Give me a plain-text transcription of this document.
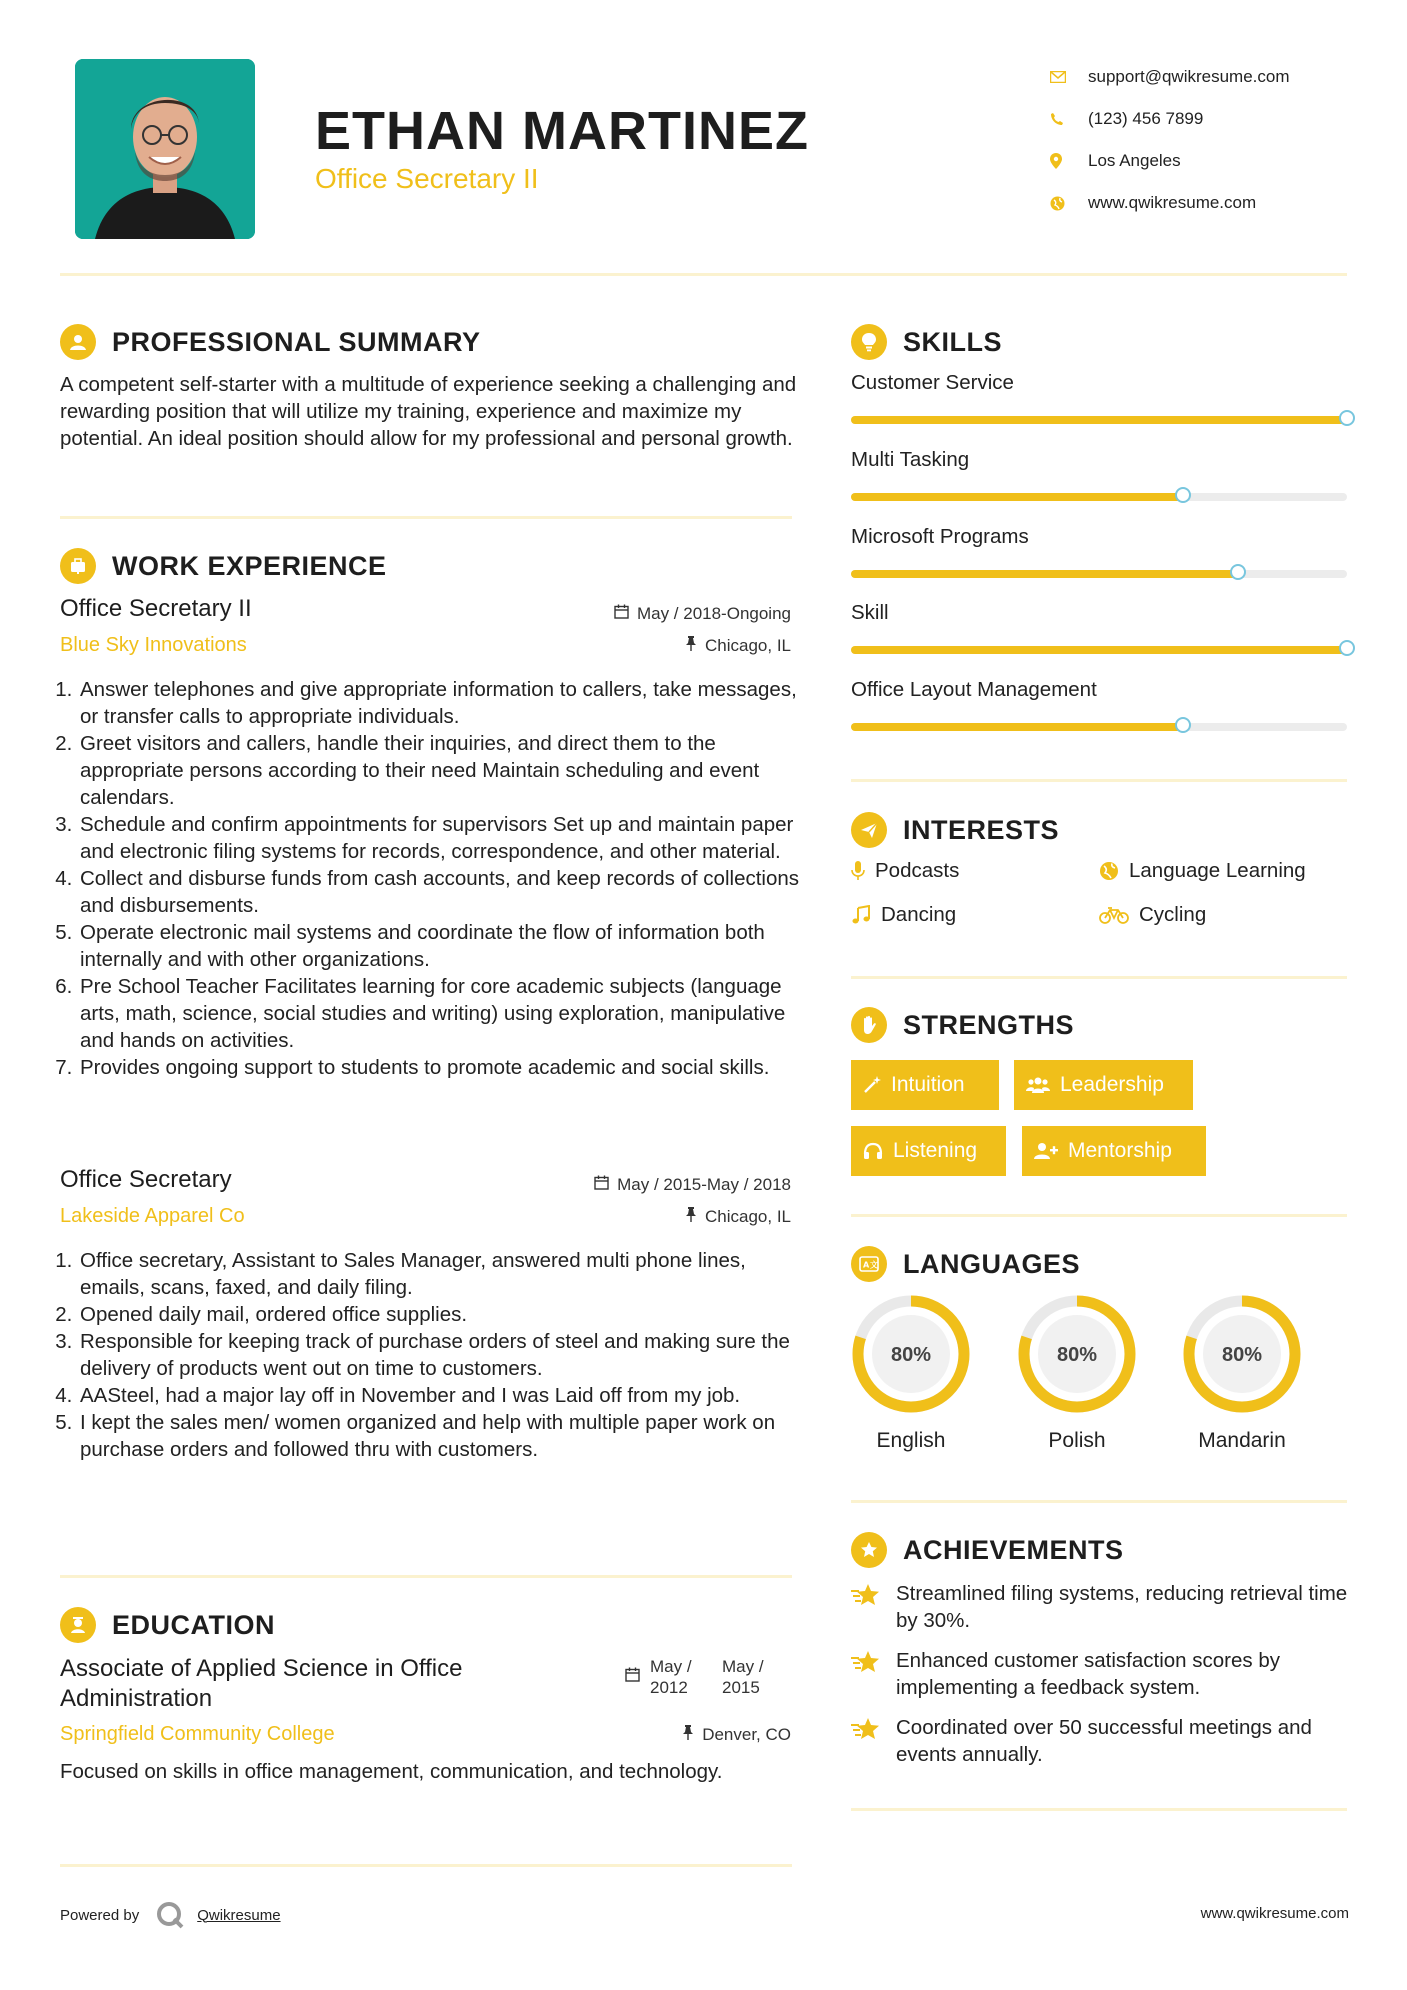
ETHAN MARTINEZ
Office Secretary II
support@qwikresume.com
(123) 456 7899
Los Angeles
www.qwikresume.com
PROFESSIONAL SUMMARY
A competent self-starter with a multitude of experience seeking a challenging and rewarding position that will utilize my training, experience and maximize my potential. An ideal position should allow for my professional and personal growth.
WORK EXPERIENCE
Office Secretary II
Blue Sky Innovations
May / 2018-Ongoing
Chicago, IL
1. Answer telephones and give appropriate information to callers, take messages, or transfer calls to appropriate individuals.
2. Greet visitors and callers, handle their inquiries, and direct them to the appropriate persons according to their need Maintain scheduling and event calendars.
3. Schedule and confirm appointments for supervisors Set up and maintain paper and electronic filing systems for records, correspondence, and other material.
4. Collect and disburse funds from cash accounts, and keep records of collections and disbursements.
5. Operate electronic mail systems and coordinate the flow of information both internally and with other organizations.
6. Pre School Teacher Facilitates learning for core academic subjects (language arts, math, science, social studies and writing) using exploration, manipulative and hands on activities.
7. Provides ongoing support to students to promote academic and social skills.
Office Secretary
Lakeside Apparel Co
May / 2015-May / 2018
Chicago, IL
1. Office secretary, Assistant to Sales Manager, answered multi phone lines, emails, scans, faxed, and daily filing.
2. Opened daily mail, ordered office supplies.
3. Responsible for keeping track of purchase orders of steel and making sure the delivery of products went out on time to customers.
4. AASteel, had a major lay off in November and I was Laid off from my job.
5. I kept the sales men/ women organized and help with multiple paper work on purchase orders and followed thru with customers.
EDUCATION
Associate of Applied Science in Office
Administration
May /
2012
May /
2015
Springfield Community College	Denver, CO
Focused on skills in office management, communication, and technology.
SKILLS
Customer Service
Multi Tasking
Microsoft Programs
Skill
Office Layout Management
INTERESTS
Podcasts	Language Learning
Dancing	Cycling
STRENGTHS
Intuition	Leadership
Listening	Mentorship
A 文 LANGUAGES
80%	80%	80%
English	Polish	Mandarin
ACHIEVEMENTS
Streamlined filing systems, reducing retrieval time by 30%.
Enhanced customer satisfaction scores by implementing a feedback system.
Coordinated over 50 successful meetings and events annually.
Powered by	Qwikresume	www.qwikresume.com
